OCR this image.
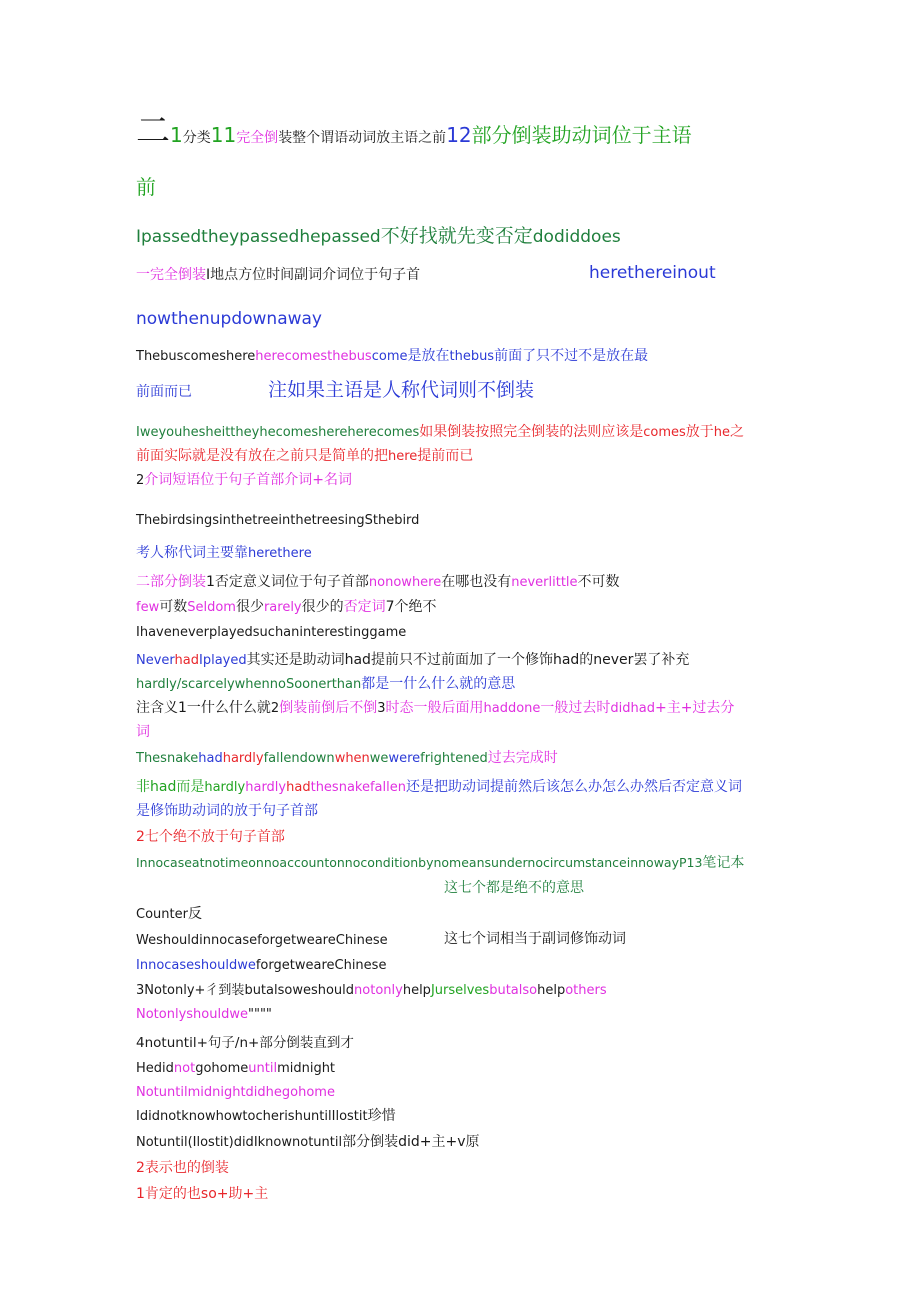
二1分类11完全倒装整个谓语动词放主语之前12部分倒装助动词位于主语
前
Ipassedtheypassedhepassed不好找就先变否定dodiddoes
一完全倒装I地点方位时间副词介词位于句子首	herethereinout
nowthenupdownaway
Thebuscomeshereherecomesthebuscome是放在thebus前面了只不过不是放在最
前面而已	注如果主语是人称代词则不倒装
Iweyouhesheittheyhecomeshereherecomes如果倒装按照完全倒装的法则应该是comes放于he之
前面实际就是没有放在之前只是简单的把here提前而已
2介词短语位于句子首部介词+名词
ThebirdsingsinthetreeinthetreesingSthebird
考人称代词主要靠herethere
二部分倒装1否定意义词位于句子首部nonowhere在哪也没有neverlittle不可数
few可数Seldom很少rarely很少的否定词7个绝不
Ihaveneverplayedsuchaninterestinggame
NeverhadIplayed其实还是助动词had提前只不过前面加了一个修饰had的never罢了补充
hardly/scarcelywhennoSoonerthan都是一什么什么就的意思
注含义1一什么什么就2倒装前倒后不倒3时态一般后面用haddone一般过去时didhad+主+过去分
词
Thesnakehadhardlyfallendownwhenwewerefrightened过去完成时
非had而是hardlyhardlyhadthesnakefallen还是把助动词提前然后该怎么办怎么办然后否定意义词
是修饰助动词的放于句子首部
2七个绝不放于句子首部
InnocaseatnotimeonnoaccountonnoconditionbynomeansundernocircumstanceinnowayP13笔记本
这七个都是绝不的意思
Counter反
WeshouldinnocaseforgetweareChinese	这七个词相当于副词修饰动词
InnocaseshouldweforgetweareChinese
3Notonly+彳到装butalsoweshouldnotonlyhelpJurselvesbutalsohelpothers
Notonlyshouldwe""""
4notuntil+句子/n+部分倒装直到才
Hedidnotgohomeuntilmidnight
Notuntilmidnightdidhegohome
IdidnotknowhowtocherishuntilIlostit珍惜
Notuntil(Ilostit)didIknownotuntil部分倒装did+主+v原
2表示也的倒装
1肯定的也so+助+主
